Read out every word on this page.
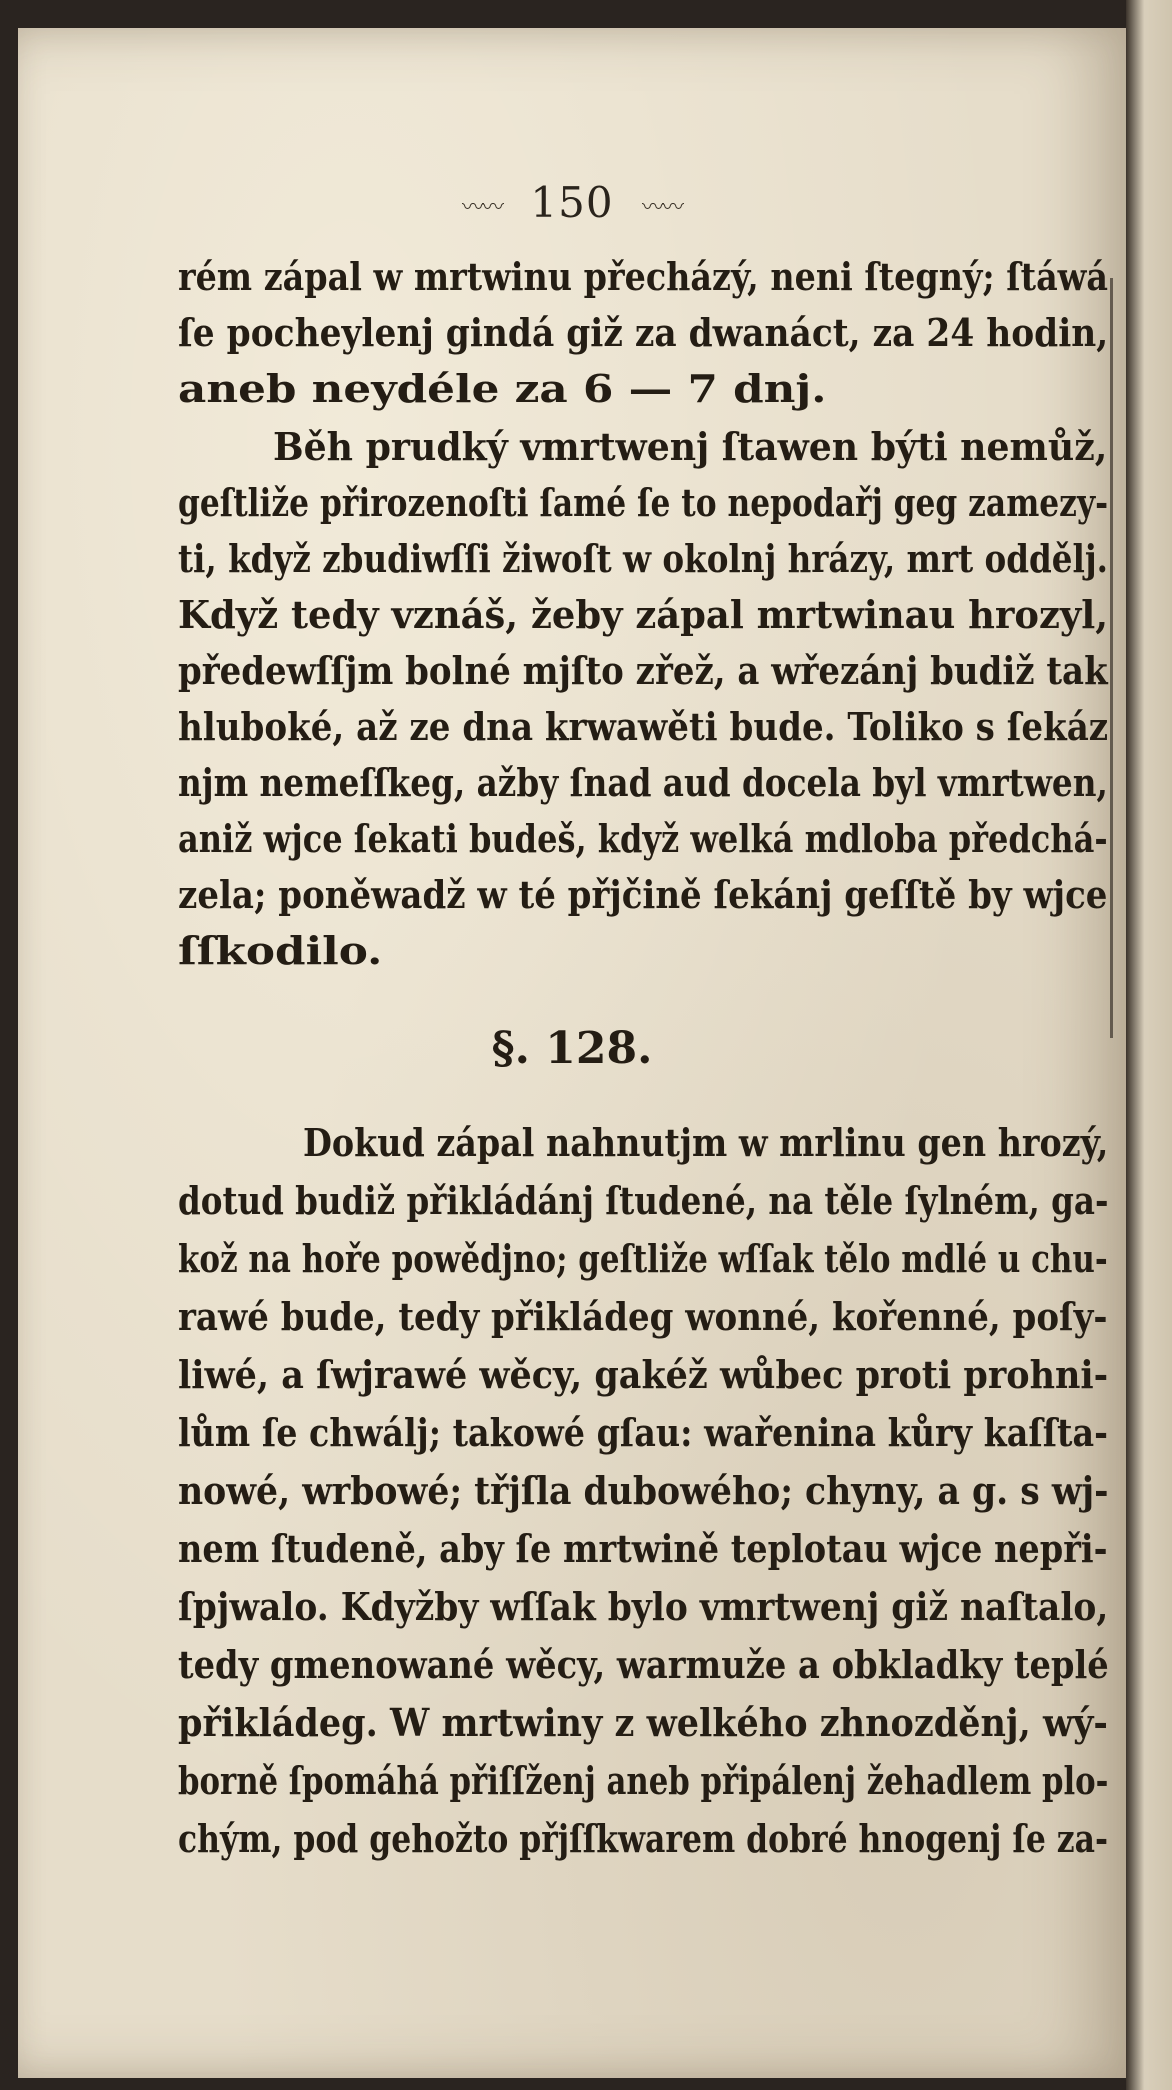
〰〰 150 〰〰
rém zápal w mrtwinu přecházý, neni ſtegný; ſtáwá
ſe pocheylenj gindá giž za dwanáct, za 24 hodin,
aneb neydéle za 6 — 7 dnj.
Běh prudký vmrtwenj ſtawen býti nemůž,
geſtliže přirozenoſti ſamé ſe to nepodařj geg zamezy-
ti, když zbudiwſſi žiwoſt w okolnj hrázy, mrt oddělj.
Když tedy vznáš, žeby zápal mrtwinau hrozyl,
předewſſjm bolné mjſto zřež, a wřezánj budiž tak
hluboké, až ze dna krwawěti bude. Toliko s ſekáz
njm nemeſſkeg, ažby ſnad aud docela byl vmrtwen,
aniž wjce ſekati budeš, když welká mdloba předchá-
zela; poněwadž w té přjčině ſekánj geſſtě by wjce
ſſkodilo.
§. 128.
Dokud zápal nahnutjm w mrlinu gen hrozý,
dotud budiž přikládánj ſtudené, na těle ſylném, ga-
kož na hoře powědjno; geſtliže wſſak tělo mdlé u chu-
rawé bude, tedy přikládeg wonné, kořenné, poſy-
liwé, a ſwjrawé wěcy, gakéž wůbec proti prohni-
lům ſe chwálj; takowé gſau: wařenina kůry kaſſta-
nowé, wrbowé; třjſla dubowého; chyny, a g. s wj-
nem ſtudeně, aby ſe mrtwině teplotau wjce nepři-
ſpjwalo. Kdyžby wſſak bylo vmrtwenj giž naſtalo,
tedy gmenowané wěcy, warmuže a obkladky teplé
přikládeg. W mrtwiny z welkého zhnozděnj, wý-
borně ſpomáhá přiſſženj aneb připálenj žehadlem plo-
chým, pod gehožto přjſſkwarem dobré hnogenj ſe za-
